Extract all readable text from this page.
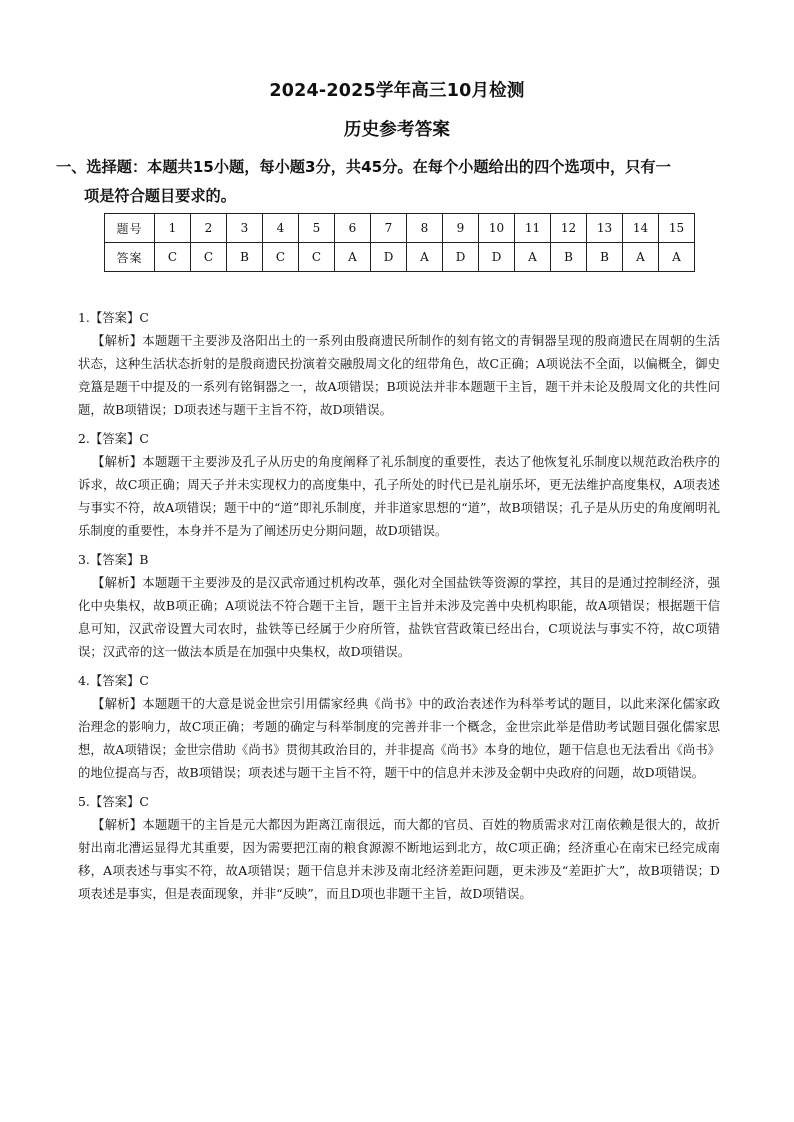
2024-2025学年高三10月检测
历史参考答案
一、选择题：本题共15小题，每小题3分，共45分。在每个小题给出的四个选项中，只有一
项是符合题目要求的。
题号	1	2	3	4	5	6	7	8	9	10	11	12	13	14	15
答案	C	C	B	C	C	A	D	A	D	D	A	B	B	A	A

1.【答案】C

【解析】本题题干主要涉及洛阳出土的一系列由殷商遗民所制作的刻有铭文的青铜器呈现的殷商遗民在周朝的生活状态，这种生活状态折射的是殷商遗民扮演着交融殷周文化的纽带角色，故C正确；A项说法不全面，以偏概全，御史竞簋是题干中提及的一系列有铭铜器之一，故A项错误；B项说法并非本题题干主旨，题干并未论及殷周文化的共性问题，故B项错误；D项表述与题干主旨不符，故D项错误。

2.【答案】C

【解析】本题题干主要涉及孔子从历史的角度阐释了礼乐制度的重要性，表达了他恢复礼乐制度以规范政治秩序的诉求，故C项正确；周天子并未实现权力的高度集中，孔子所处的时代已是礼崩乐坏，更无法维护高度集权，A项表述与事实不符，故A项错误；题干中的“道”即礼乐制度，并非道家思想的“道”，故B项错误；孔子是从历史的角度阐明礼乐制度的重要性，本身并不是为了阐述历史分期问题，故D项错误。

3.【答案】B

【解析】本题题干主要涉及的是汉武帝通过机构改革，强化对全国盐铁等资源的掌控，其目的是通过控制经济，强化中央集权，故B项正确；A项说法不符合题干主旨，题干主旨并未涉及完善中央机构职能，故A项错误；根据题干信息可知，汉武帝设置大司农时，盐铁等已经属于少府所管，盐铁官营政策已经出台，C项说法与事实不符，故C项错误；汉武帝的这一做法本质是在加强中央集权，故D项错误。

4.【答案】C

【解析】本题题干的大意是说金世宗引用儒家经典《尚书》中的政治表述作为科举考试的题目，以此来深化儒家政治理念的影响力，故C项正确；考题的确定与科举制度的完善并非一个概念，金世宗此举是借助考试题目强化儒家思想，故A项错误；金世宗借助《尚书》贯彻其政治目的，并非提高《尚书》本身的地位，题干信息也无法看出《尚书》的地位提高与否，故B项错误；项表述与题干主旨不符，题干中的信息并未涉及金朝中央政府的问题，故D项错误。

5.【答案】C

【解析】本题题干的主旨是元大都因为距离江南很远，而大都的官员、百姓的物质需求对江南依赖是很大的，故折射出南北漕运显得尤其重要，因为需要把江南的粮食源源不断地运到北方，故C项正确；经济重心在南宋已经完成南移，A项表述与事实不符，故A项错误；题干信息并未涉及南北经济差距问题，更未涉及“差距扩大”，故B项错误；D项表述是事实，但是表面现象，并非“反映”，而且D项也非题干主旨，故D项错误。
